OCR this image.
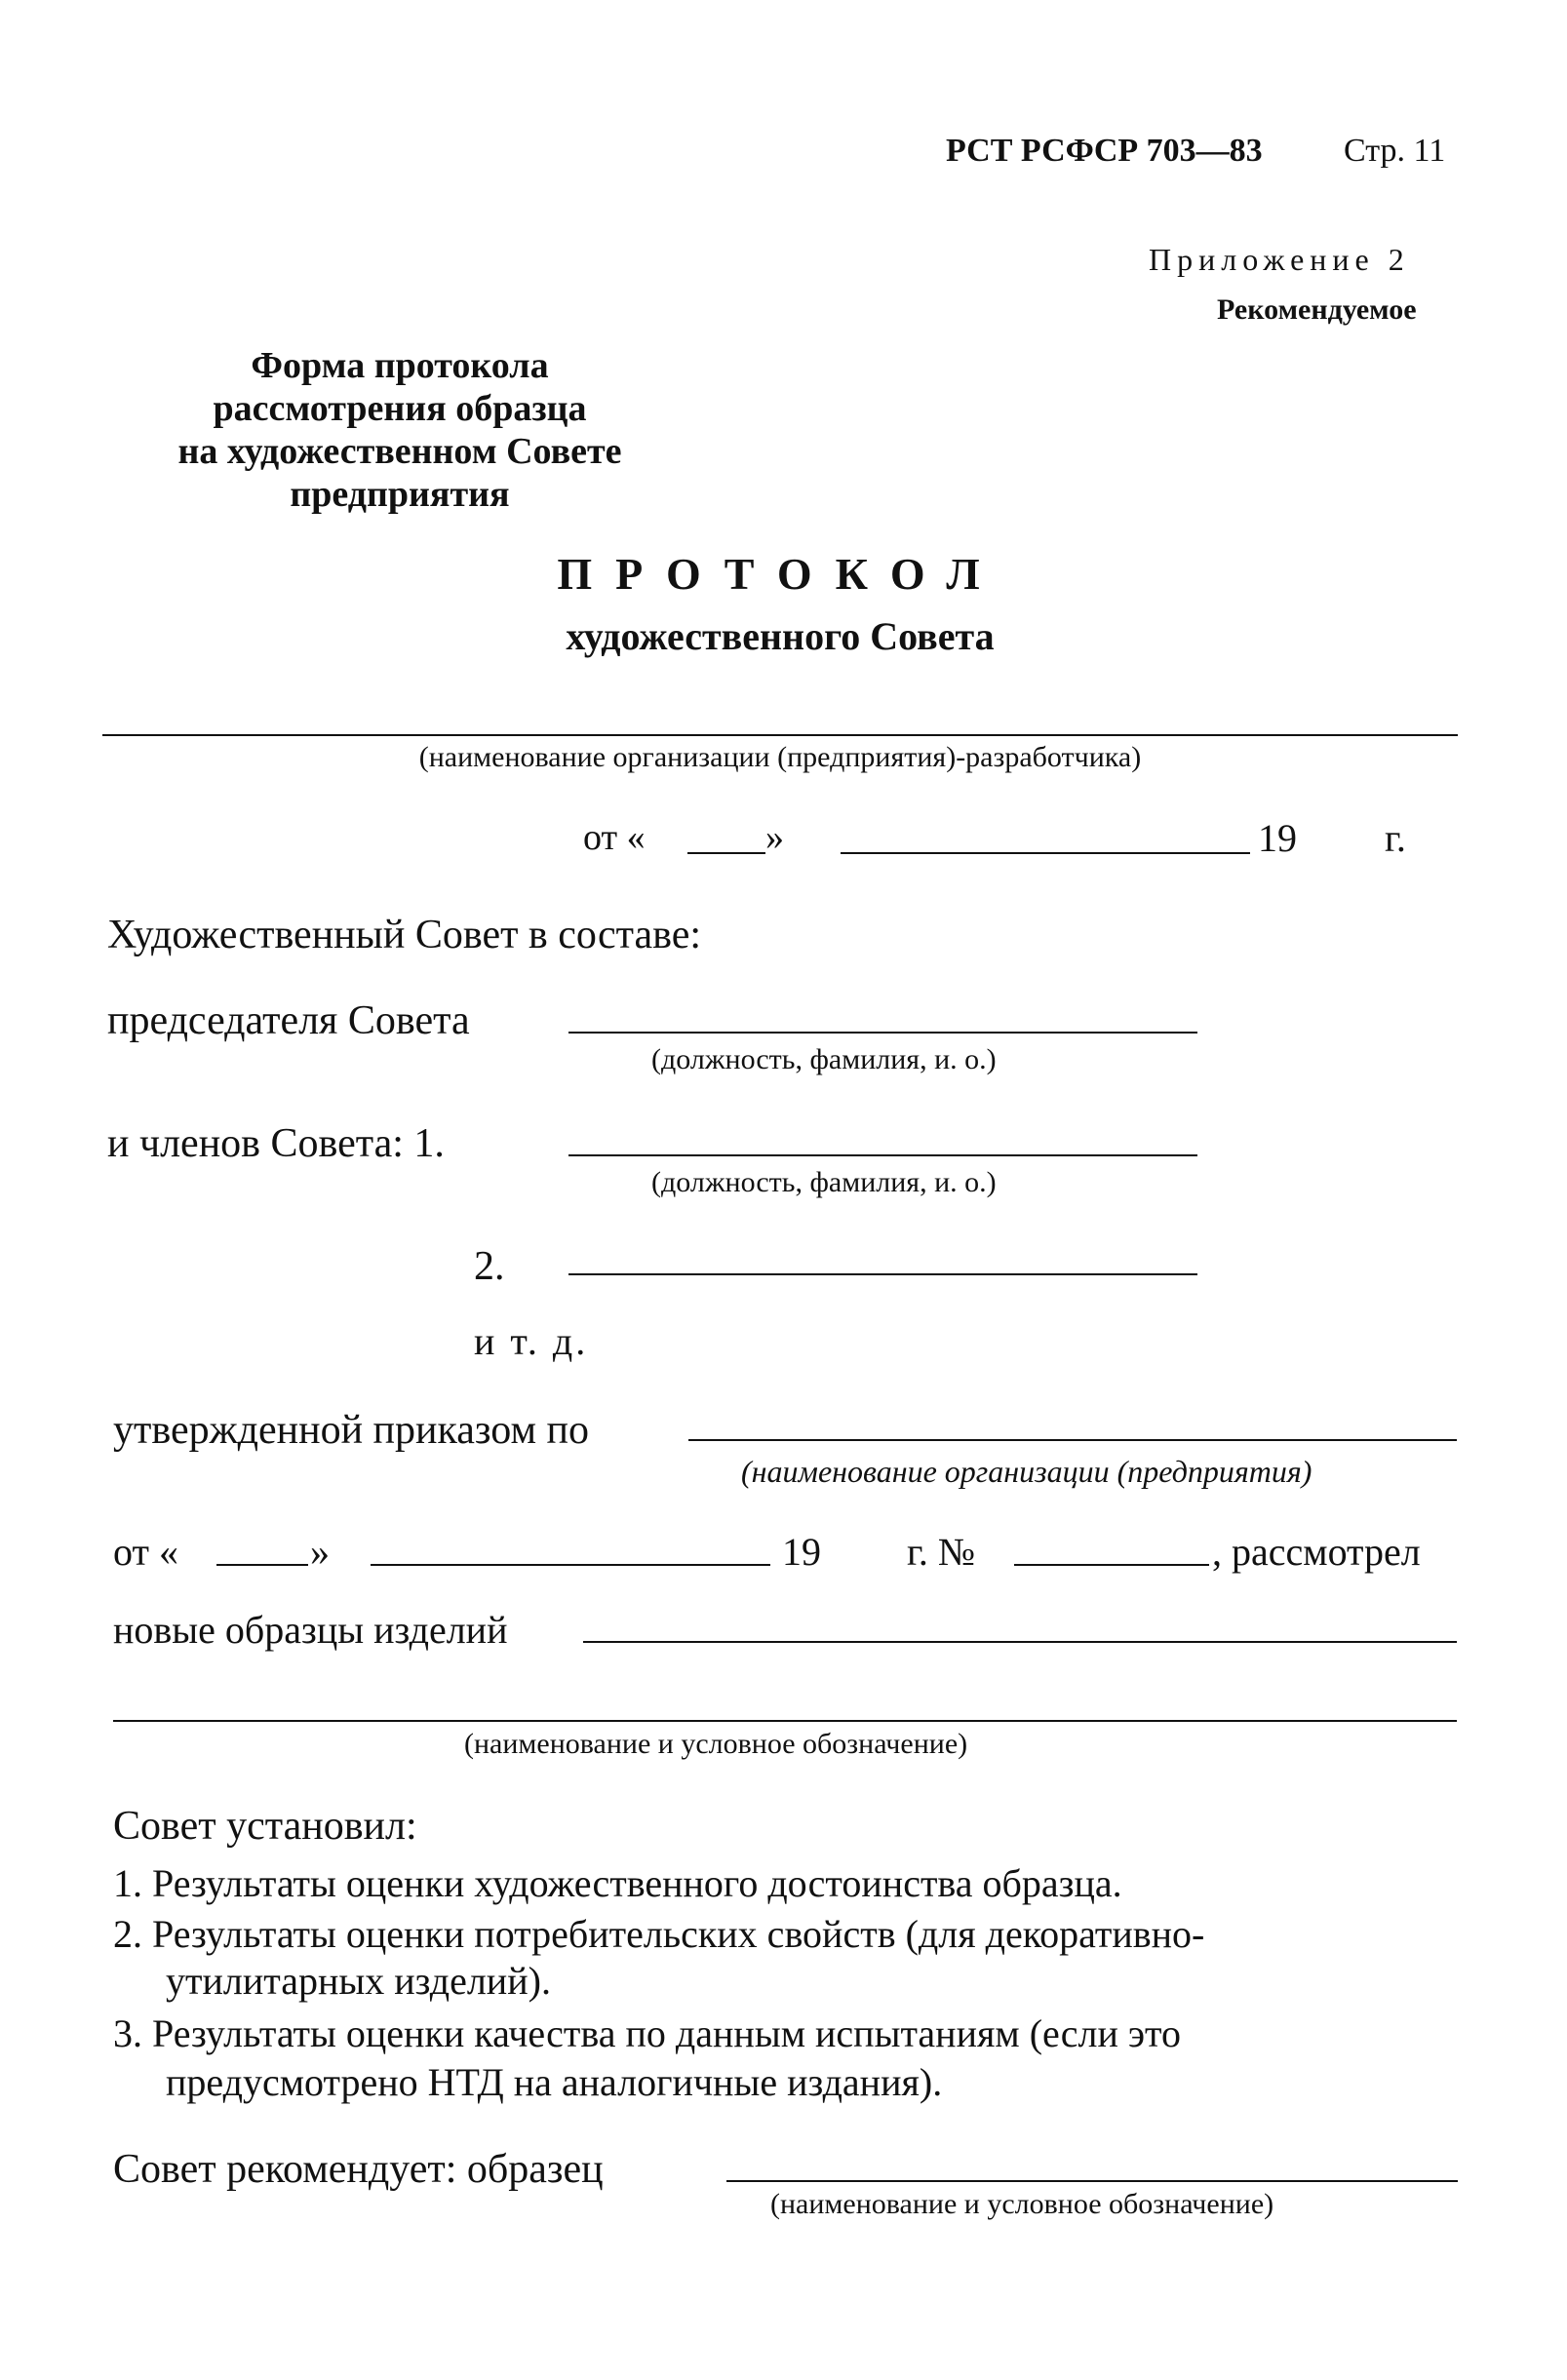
РСТ РСФСР 703—83 Стр. 11
Приложение 2
Рекомендуемое
Форма протокола
рассмотрения образца
на художественном Совете
предприятия
ПРОТОКОЛ
художественного Совета
(наименование организации (предприятия)-разработчика)
от «	»	19 г.
Художественный Совет в составе:
председателя Совета
(должность, фамилия, и. о.)
и членов Совета: 1.
(должность, фамилия, и. о.)
2.
и т. д.
утвержденной приказом по
(наименование организации (предприятия)
от «	»	19 г. №	, рассмотрел
новые образцы изделий
(наименование и условное обозначение)
Совет установил:
1. Результаты оценки художественного достоинства образца.
2. Результаты оценки потребительских свойств (для декоративно-
утилитарных изделий).
3. Результаты оценки качества по данным испытаниям (если это
предусмотрено НТД на аналогичные издания).
Совет рекомендует: образец
(наименование и условное обозначение)
